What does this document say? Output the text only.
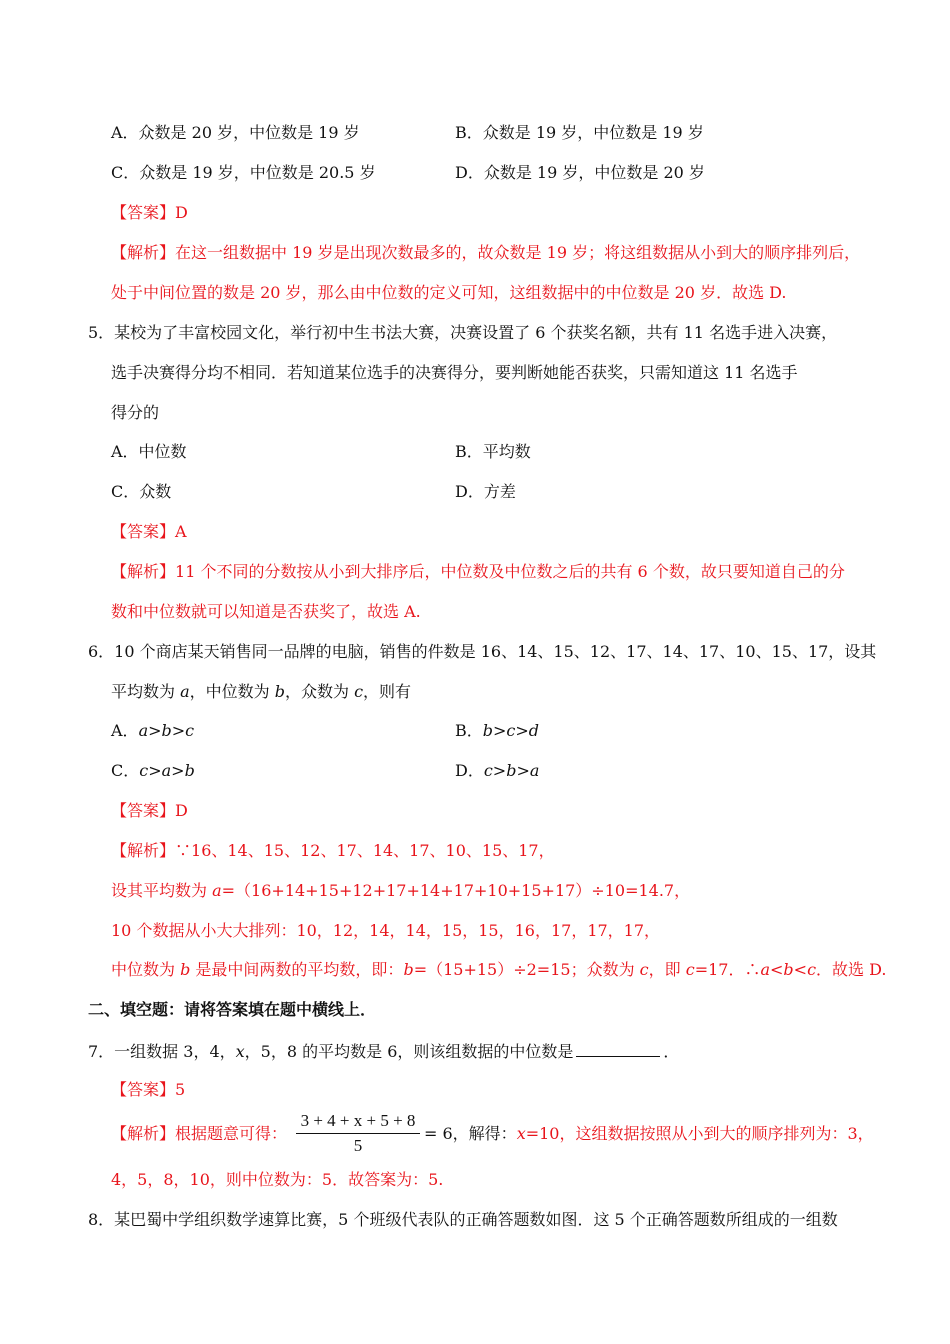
A．众数是 20 岁，中位数是 19 岁	B．众数是 19 岁，中位数是 19 岁
C．众数是 19 岁，中位数是 20.5 岁	D．众数是 19 岁，中位数是 20 岁
【答案】D
【解析】在这一组数据中 19 岁是出现次数最多的，故众数是 19 岁；将这组数据从小到大的顺序排列后，
处于中间位置的数是 20 岁，那么由中位数的定义可知，这组数据中的中位数是 20 岁．故选 D.
5．某校为了丰富校园文化，举行初中生书法大赛，决赛设置了 6 个获奖名额，共有 11 名选手进入决赛，
选手决赛得分均不相同．若知道某位选手的决赛得分，要判断她能否获奖，只需知道这 11 名选手
得分的
A．中位数	B．平均数
C．众数	D．方差
【答案】A
【解析】11 个不同的分数按从小到大排序后，中位数及中位数之后的共有 6 个数，故只要知道自己的分
数和中位数就可以知道是否获奖了，故选 A.
6．10 个商店某天销售同一品牌的电脑，销售的件数是 16、14、15、12、17、14、17、10、15、17，设其
平均数为 a，中位数为 b，众数为 c，则有
A．a>b>c	B．b>c>d
C．c>a>b	D．c>b>a
【答案】D
【解析】∵16、14、15、12、17、14、17、10、15、17，
设其平均数为 a=（16+14+15+12+17+14+17+10+15+17）÷10=14.7，
10 个数据从小大大排列：10，12，14，14，15，15，16，17，17，17，
中位数为 b 是最中间两数的平均数，即：b=（15+15）÷2=15；众数为 c，即 c=17．∴a<b<c．故选 D.
二、填空题：请将答案填在题中横线上．
7．一组数据 3，4，x，5，8 的平均数是 6，则该组数据的中位数是	．
【答案】5
【解析】根据题意可得：
3 + 4 + x + 5 + 8
5
= 6，解得：x=10，这组数据按照从小到大的顺序排列为：3，
4，5，8，10，则中位数为：5．故答案为：5.
8．某巴蜀中学组织数学速算比赛，5 个班级代表队的正确答题数如图．这 5 个正确答题数所组成的一组数
